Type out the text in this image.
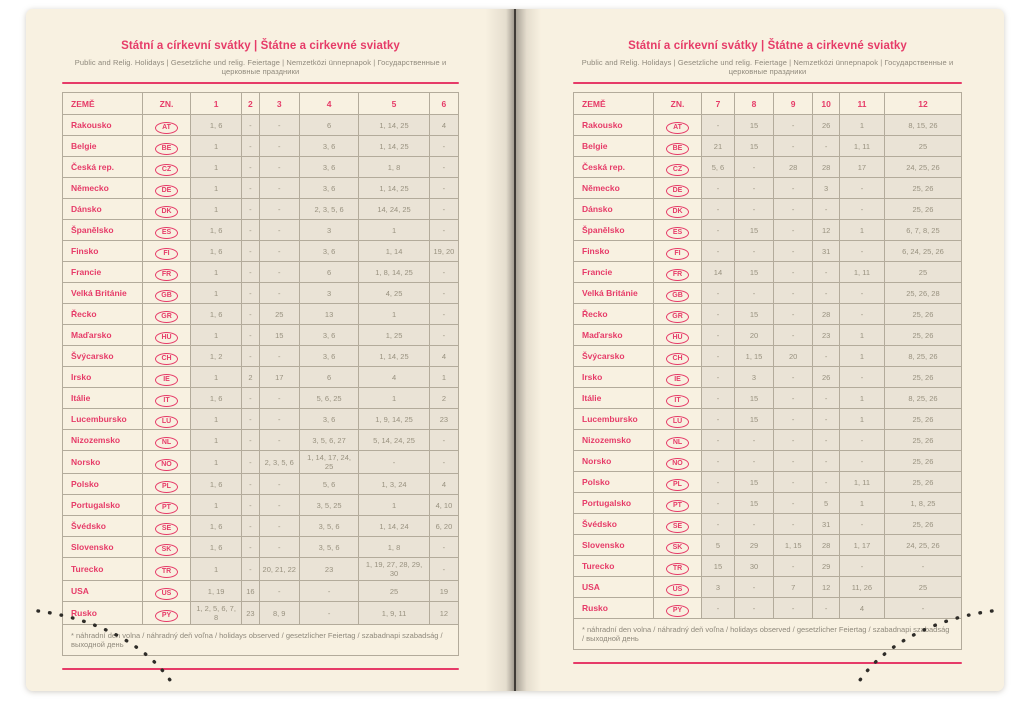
Státní a církevní svátky | Štátne a cirkevné sviatky
Public and Relig. Holidays | Gesetzliche und relig. Feiertage | Nemzetközi ünnepnapok | Государственные и церковные праздники
ZEMĚ	ZN.	1	2	3	4	5	6
Rakousko	AT	1, 6	-	-	6	1, 14, 25	4
Belgie	BE	1	-	-	3, 6	1, 14, 25	-
Česká rep.	CZ	1	-	-	3, 6	1, 8	-
Německo	DE	1	-	-	3, 6	1, 14, 25	-
Dánsko	DK	1	-	-	2, 3, 5, 6	14, 24, 25	-
Španělsko	ES	1, 6	-	-	3	1	-
Finsko	FI	1, 6	-	-	3, 6	1, 14	19, 20
Francie	FR	1	-	-	6	1, 8, 14, 25	-
Velká Británie	GB	1	-	-	3	4, 25	-
Řecko	GR	1, 6	-	25	13	1	-
Maďarsko	HU	1	-	15	3, 6	1, 25	-
Švýcarsko	CH	1, 2	-	-	3, 6	1, 14, 25	4
Irsko	IE	1	2	17	6	4	1
Itálie	IT	1, 6	-	-	5, 6, 25	1	2
Lucembursko	LU	1	-	-	3, 6	1, 9, 14, 25	23
Nizozemsko	NL	1	-	-	3, 5, 6, 27	5, 14, 24, 25	-
Norsko	NO	1	-	2, 3, 5, 6	1, 14, 17, 24, 25	-	-
Polsko	PL	1, 6	-	-	5, 6	1, 3, 24	4
Portugalsko	PT	1	-	-	3, 5, 25	1	4, 10
Švédsko	SE	1, 6	-	-	3, 5, 6	1, 14, 24	6, 20
Slovensko	SK	1, 6	-	-	3, 5, 6	1, 8	-
Turecko	TR	1	-	20, 21, 22	23	1, 19, 27, 28, 29, 30	-
USA	US	1, 19	16	-	-	25	19
Rusko	PY	1, 2, 5, 6, 7, 8	23	8, 9	-	1, 9, 11	12
* náhradní den volna / náhradný deň voľna / holidays observed / gesetzlicher Feiertag / szabadnapi szabadság / выходной день							
Státní a církevní svátky | Štátne a cirkevné sviatky
Public and Relig. Holidays | Gesetzliche und relig. Feiertage | Nemzetközi ünnepnapok | Государственные и церковные праздники
ZEMĚ	ZN.	7	8	9	10	11	12
Rakousko	AT	-	15	-	26	1	8, 15, 26
Belgie	BE	21	15	-	-	1, 11	25
Česká rep.	CZ	5, 6	-	28	28	17	24, 25, 26
Německo	DE	-	-	-	3	-	25, 26
Dánsko	DK	-	-	-	-	-	25, 26
Španělsko	ES	-	15	-	12	1	6, 7, 8, 25
Finsko	FI	-	-	-	31	-	6, 24, 25, 26
Francie	FR	14	15	-	-	1, 11	25
Velká Británie	GB	-	-	-	-	-	25, 26, 28
Řecko	GR	-	15	-	28	-	25, 26
Maďarsko	HU	-	20	-	23	1	25, 26
Švýcarsko	CH	-	1, 15	20	-	1	8, 25, 26
Irsko	IE	-	3	-	26	-	25, 26
Itálie	IT	-	15	-	-	1	8, 25, 26
Lucembursko	LU	-	15	-	-	1	25, 26
Nizozemsko	NL	-	-	-	-	-	25, 26
Norsko	NO	-	-	-	-	-	25, 26
Polsko	PL	-	15	-	-	1, 11	25, 26
Portugalsko	PT	-	15	-	5	1	1, 8, 25
Švédsko	SE	-	-	-	31	-	25, 26
Slovensko	SK	5	29	1, 15	28	1, 17	24, 25, 26
Turecko	TR	15	30	-	29	-	-
USA	US	3	-	7	12	11, 26	25
Rusko	PY	-	-	-	-	4	-
* náhradní den volna / náhradný deň voľna / holidays observed / gesetzlicher Feiertag / szabadnapi szabadság / выходной день							
